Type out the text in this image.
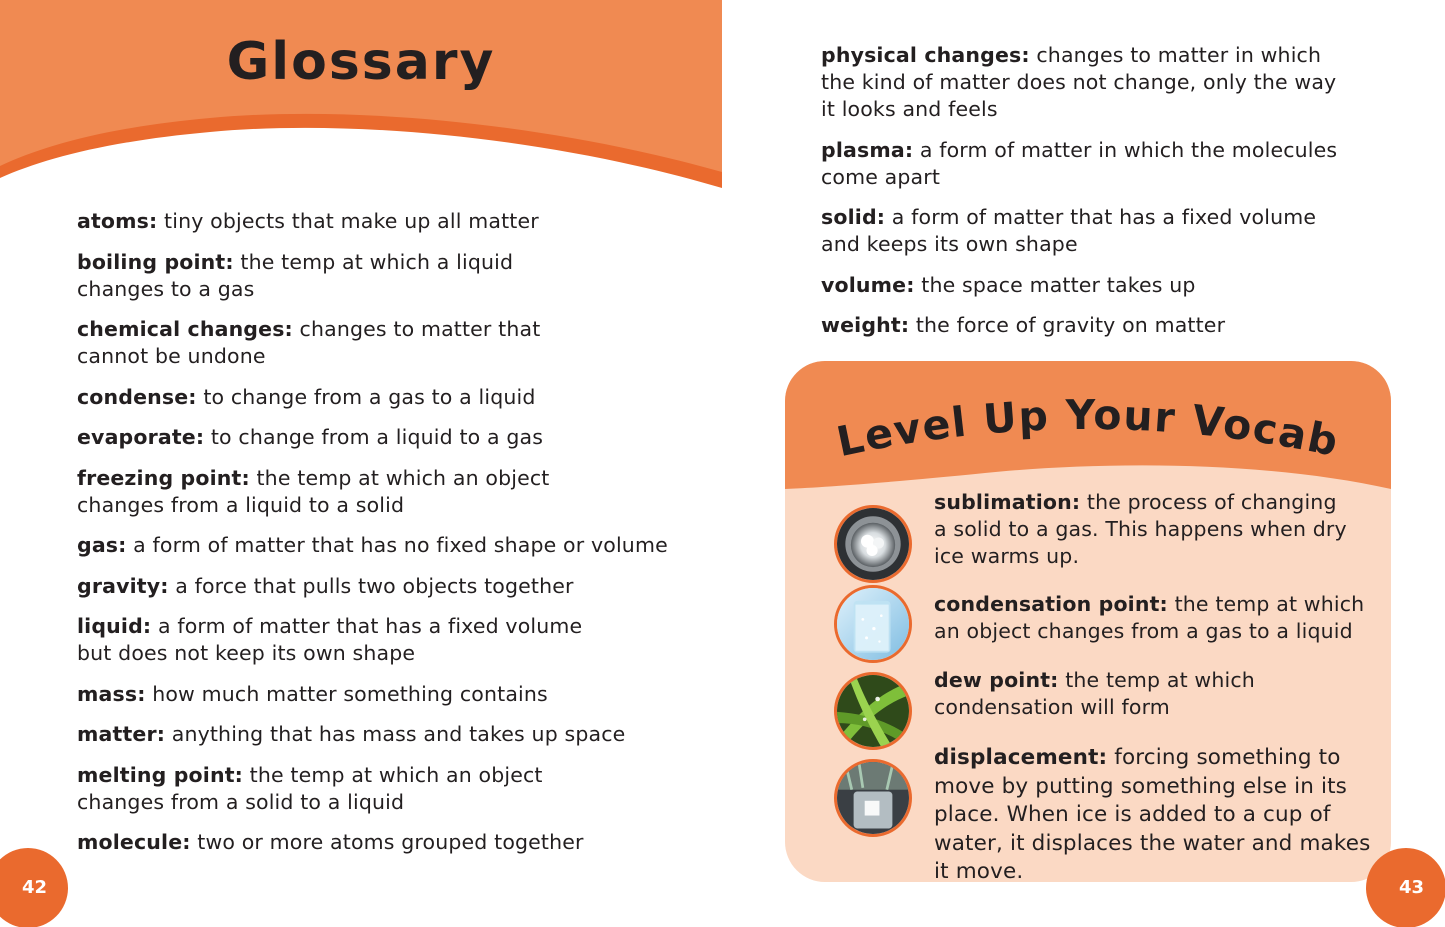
Glossary

atoms: tiny objects that make up all matter

boiling point: the temp at which a liquid changes to a gas

chemical changes: changes to matter that cannot be undone

condense: to change from a gas to a liquid

evaporate: to change from a liquid to a gas

freezing point: the temp at which an object changes from a liquid to a solid

gas: a form of matter that has no fixed shape or volume

gravity: a force that pulls two objects together

liquid: a form of matter that has a fixed volume but does not keep its own shape

mass: how much matter something contains

matter: anything that has mass and takes up space

melting point: the temp at which an object changes from a solid to a liquid

molecule: two or more atoms grouped together

42

physical changes: changes to matter in which the kind of matter does not change, only the way it looks and feels

plasma: a form of matter in which the molecules come apart

solid: a form of matter that has a fixed volume and keeps its own shape

volume: the space matter takes up

weight: the force of gravity on matter

Level Up Your Vocab

sublimation: the process of changing a solid to a gas. This happens when dry ice warms up.

condensation point: the temp at which an object changes from a gas to a liquid

dew point: the temp at which condensation will form

displacement: forcing something to move by putting something else in its place. When ice is added to a cup of water, it displaces the water and makes it move.

43
